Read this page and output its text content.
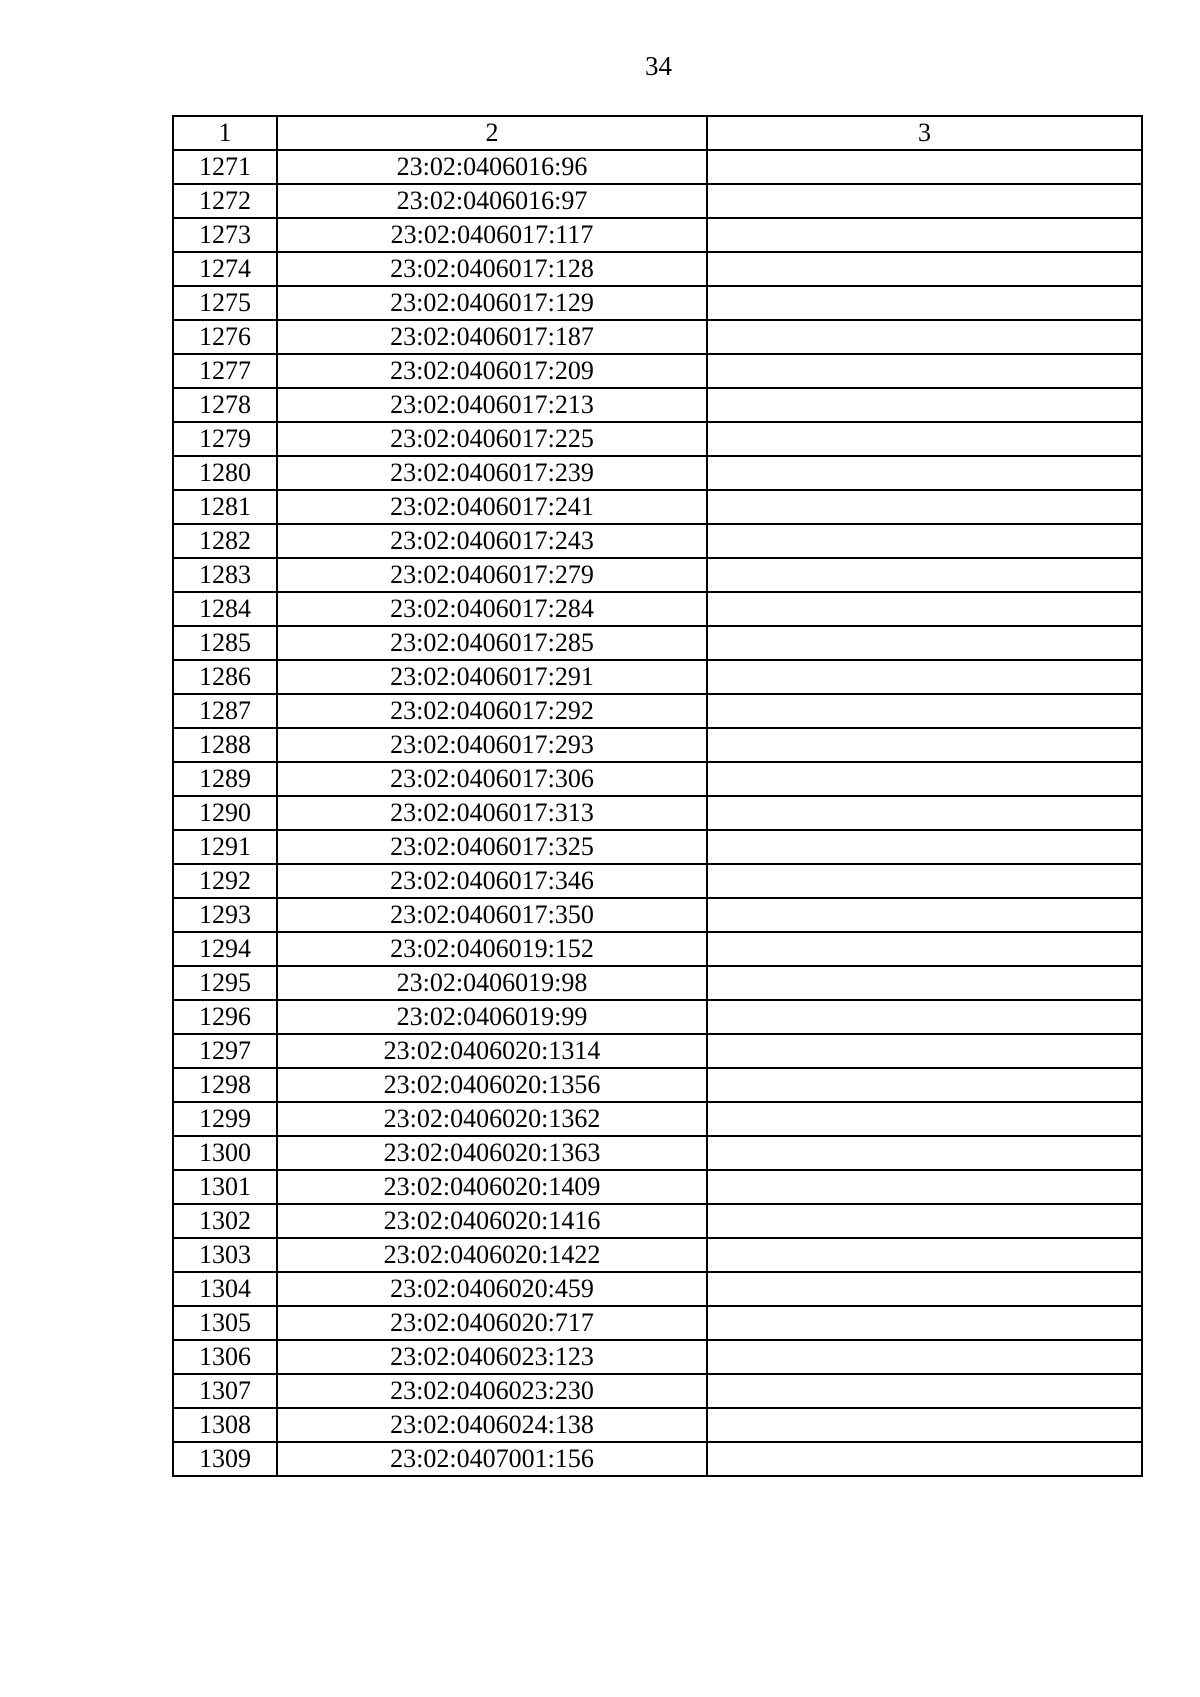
34
1	2	3
1271	23:02:0406016:96	
1272	23:02:0406016:97	
1273	23:02:0406017:117	
1274	23:02:0406017:128	
1275	23:02:0406017:129	
1276	23:02:0406017:187	
1277	23:02:0406017:209	
1278	23:02:0406017:213	
1279	23:02:0406017:225	
1280	23:02:0406017:239	
1281	23:02:0406017:241	
1282	23:02:0406017:243	
1283	23:02:0406017:279	
1284	23:02:0406017:284	
1285	23:02:0406017:285	
1286	23:02:0406017:291	
1287	23:02:0406017:292	
1288	23:02:0406017:293	
1289	23:02:0406017:306	
1290	23:02:0406017:313	
1291	23:02:0406017:325	
1292	23:02:0406017:346	
1293	23:02:0406017:350	
1294	23:02:0406019:152	
1295	23:02:0406019:98	
1296	23:02:0406019:99	
1297	23:02:0406020:1314	
1298	23:02:0406020:1356	
1299	23:02:0406020:1362	
1300	23:02:0406020:1363	
1301	23:02:0406020:1409	
1302	23:02:0406020:1416	
1303	23:02:0406020:1422	
1304	23:02:0406020:459	
1305	23:02:0406020:717	
1306	23:02:0406023:123	
1307	23:02:0406023:230	
1308	23:02:0406024:138	
1309	23:02:0407001:156	
